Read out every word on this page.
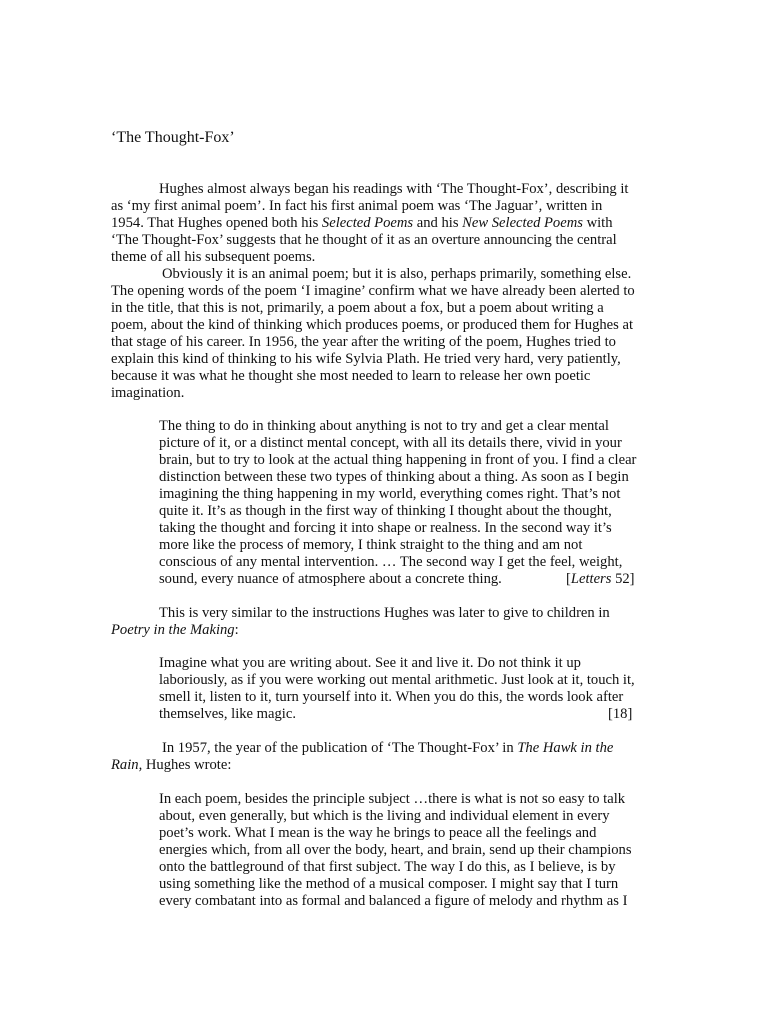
‘The Thought-Fox’

Hughes almost always began his readings with ‘The Thought-Fox’, describing it

as ‘my first animal poem’. In fact his first animal poem was ‘The Jaguar’, written in

1954. That Hughes opened both his Selected Poems and his New Selected Poems with

‘The Thought-Fox’ suggests that he thought of it as an overture announcing the central

theme of all his subsequent poems.

Obviously it is an animal poem; but it is also, perhaps primarily, something else.

The opening words of the poem ‘I imagine’ confirm what we have already been alerted to

in the title, that this is not, primarily, a poem about a fox, but a poem about writing a

poem, about the kind of thinking which produces poems, or produced them for Hughes at

that stage of his career. In 1956, the year after the writing of the poem, Hughes tried to

explain this kind of thinking to his wife Sylvia Plath. He tried very hard, very patiently,

because it was what he thought she most needed to learn to release her own poetic

imagination.

The thing to do in thinking about anything is not to try and get a clear mental

picture of it, or a distinct mental concept, with all its details there, vivid in your

brain, but to try to look at the actual thing happening in front of you. I find a clear

distinction between these two types of thinking about a thing. As soon as I begin

imagining the thing happening in my world, everything comes right. That’s not

quite it. It’s as though in the first way of thinking I thought about the thought,

taking the thought and forcing it into shape or realness. In the second way it’s

more like the process of memory, I think straight to the thing and am not

conscious of any mental intervention. … The second way I get the feel, weight,

sound, every nuance of atmosphere about a concrete thing.	[Letters 52]

This is very similar to the instructions Hughes was later to give to children in

Poetry in the Making:

Imagine what you are writing about. See it and live it. Do not think it up

laboriously, as if you were working out mental arithmetic. Just look at it, touch it,

smell it, listen to it, turn yourself into it. When you do this, the words look after

themselves, like magic.	[18]

In 1957, the year of the publication of ‘The Thought-Fox’ in The Hawk in the

Rain, Hughes wrote:

In each poem, besides the principle subject …there is what is not so easy to talk

about, even generally, but which is the living and individual element in every

poet’s work. What I mean is the way he brings to peace all the feelings and

energies which, from all over the body, heart, and brain, send up their champions

onto the battleground of that first subject. The way I do this, as I believe, is by

using something like the method of a musical composer. I might say that I turn

every combatant into as formal and balanced a figure of melody and rhythm as I
